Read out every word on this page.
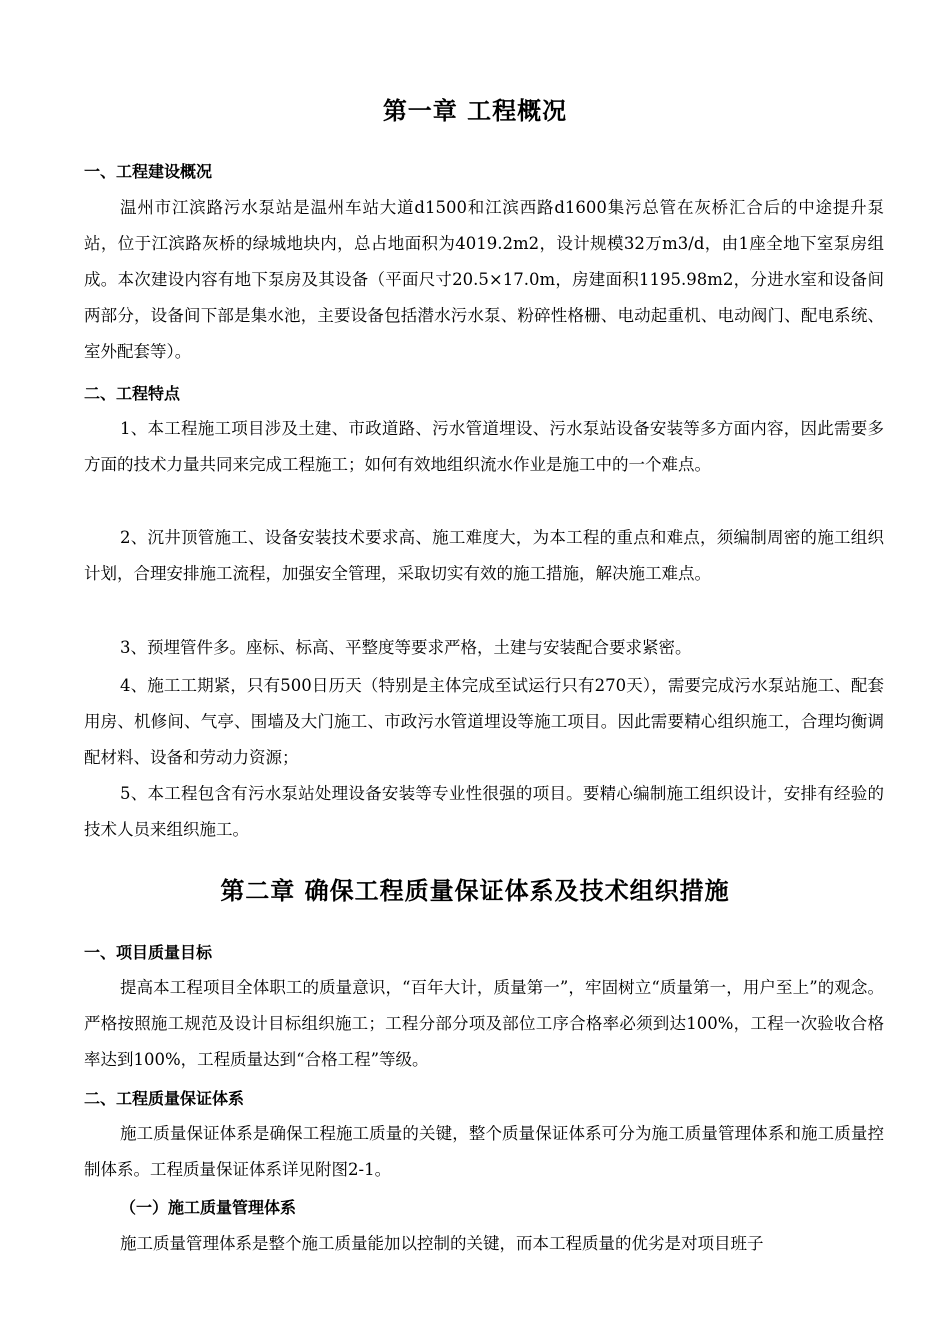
第一章 工程概况
一、工程建设概况

温州市江滨路污水泵站是温州车站大道d1500和江滨西路d1600集污总管在灰桥汇合后的中途提升泵站，位于江滨路灰桥的绿城地块内，总占地面积为4019.2m2，设计规模32万m3/d，由1座全地下室泵房组成。本次建设内容有地下泵房及其设备（平面尺寸20.5×17.0m，房建面积1195.98m2，分进水室和设备间两部分，设备间下部是集水池，主要设备包括潜水污水泵、粉碎性格栅、电动起重机、电动阀门、配电系统、室外配套等）。

二、工程特点

1、本工程施工项目涉及土建、市政道路、污水管道埋设、污水泵站设备安装等多方面内容，因此需要多方面的技术力量共同来完成工程施工；如何有效地组织流水作业是施工中的一个难点。

2、沉井顶管施工、设备安装技术要求高、施工难度大，为本工程的重点和难点，须编制周密的施工组织计划，合理安排施工流程，加强安全管理，采取切实有效的施工措施，解决施工难点。

3、预埋管件多。座标、标高、平整度等要求严格，土建与安装配合要求紧密。

4、施工工期紧，只有500日历天（特别是主体完成至试运行只有270天），需要完成污水泵站施工、配套用房、机修间、气亭、围墙及大门施工、市政污水管道埋设等施工项目。因此需要精心组织施工，合理均衡调配材料、设备和劳动力资源；

5、本工程包含有污水泵站处理设备安装等专业性很强的项目。要精心编制施工组织设计，安排有经验的技术人员来组织施工。

第二章 确保工程质量保证体系及技术组织措施
一、项目质量目标

提高本工程项目全体职工的质量意识，“百年大计，质量第一”，牢固树立“质量第一，用户至上”的观念。严格按照施工规范及设计目标组织施工；工程分部分项及部位工序合格率必须到达100%，工程一次验收合格率达到100%，工程质量达到“合格工程”等级。

二、工程质量保证体系

施工质量保证体系是确保工程施工质量的关键，整个质量保证体系可分为施工质量管理体系和施工质量控制体系。工程质量保证体系详见附图2-1。

（一）施工质量管理体系

施工质量管理体系是整个施工质量能加以控制的关键，而本工程质量的优劣是对项目班子
